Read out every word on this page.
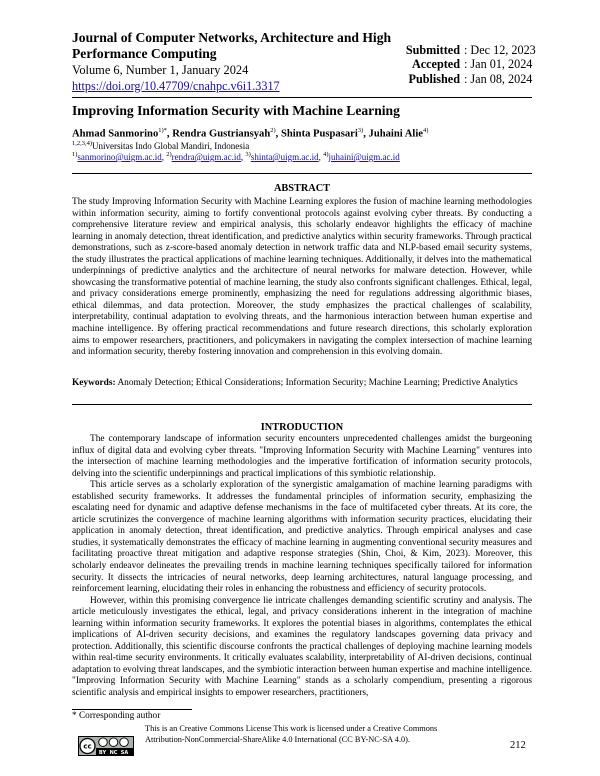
Journal of Computer Networks, Architecture and High Performance Computing
Volume 6, Number 1, January 2024
https://doi.org/10.47709/cnahpc.v6i1.3317
Submitted : Dec 12, 2023
Accepted : Jan 01, 2024
Published : Jan 08, 2024
Improving Information Security with Machine Learning
Ahmad Sanmorino$^{1)*}$, Rendra Gustriansyah$^{2)}$, Shinta Puspasari$^{3)}$, Juhaini Alie$^{4)}$
$^{1,2,3,4)}$Universitas Indo Global Mandiri, Indonesia
$^{1)}$sanmorino@uigm.ac.id, $^{2)}$rendra@uigm.ac.id, $^{3)}$shinta@uigm.ac.id, $^{4)}$juhaini@uigm.ac.id
ABSTRACT
The study Improving Information Security with Machine Learning explores the fusion of machine learning methodologies within information security, aiming to fortify conventional protocols against evolving cyber threats. By conducting a comprehensive literature review and empirical analysis, this scholarly endeavor highlights the efficacy of machine learning in anomaly detection, threat identification, and predictive analytics within security frameworks. Through practical demonstrations, such as z-score-based anomaly detection in network traffic data and NLP-based email security systems, the study illustrates the practical applications of machine learning techniques. Additionally, it delves into the mathematical underpinnings of predictive analytics and the architecture of neural networks for malware detection. However, while showcasing the transformative potential of machine learning, the study also confronts significant challenges. Ethical, legal, and privacy considerations emerge prominently, emphasizing the need for regulations addressing algorithmic biases, ethical dilemmas, and data protection. Moreover, the study emphasizes the practical challenges of scalability, interpretability, continual adaptation to evolving threats, and the harmonious interaction between human expertise and machine intelligence. By offering practical recommendations and future research directions, this scholarly exploration aims to empower researchers, practitioners, and policymakers in navigating the complex intersection of machine learning and information security, thereby fostering innovation and comprehension in this evolving domain.
Keywords: Anomaly Detection; Ethical Considerations; Information Security; Machine Learning; Predictive Analytics
INTRODUCTION

The contemporary landscape of information security encounters unprecedented challenges amidst the burgeoning influx of digital data and evolving cyber threats. "Improving Information Security with Machine Learning" ventures into the intersection of machine learning methodologies and the imperative fortification of information security protocols, delving into the scientific underpinnings and practical implications of this symbiotic relationship.

This article serves as a scholarly exploration of the synergistic amalgamation of machine learning paradigms with established security frameworks. It addresses the fundamental principles of information security, emphasizing the escalating need for dynamic and adaptive defense mechanisms in the face of multifaceted cyber threats. At its core, the article scrutinizes the convergence of machine learning algorithms with information security practices, elucidating their application in anomaly detection, threat identification, and predictive analytics. Through empirical analyses and case studies, it systematically demonstrates the efficacy of machine learning in augmenting conventional security measures and facilitating proactive threat mitigation and adaptive response strategies (Shin, Choi, & Kim, 2023). Moreover, this scholarly endeavor delineates the prevailing trends in machine learning techniques specifically tailored for information security. It dissects the intricacies of neural networks, deep learning architectures, natural language processing, and reinforcement learning, elucidating their roles in enhancing the robustness and efficiency of security protocols.

However, within this promising convergence lie intricate challenges demanding scientific scrutiny and analysis. The article meticulously investigates the ethical, legal, and privacy considerations inherent in the integration of machine learning within information security frameworks. It explores the potential biases in algorithms, contemplates the ethical implications of AI-driven security decisions, and examines the regulatory landscapes governing data privacy and protection. Additionally, this scientific discourse confronts the practical challenges of deploying machine learning models within real-time security environments. It critically evaluates scalability, interpretability of AI-driven decisions, continual adaptation to evolving threat landscapes, and the symbiotic interaction between human expertise and machine intelligence. "Improving Information Security with Machine Learning" stands as a scholarly compendium, presenting a rigorous scientific analysis and empirical insights to empower researchers, practitioners,

* Corresponding author
cc
BY NC SA
This is an Creative Commons License This work is licensed under a Creative Commons Attribution-NonCommercial-ShareAlike 4.0 International (CC BY-NC-SA 4.0).
212
